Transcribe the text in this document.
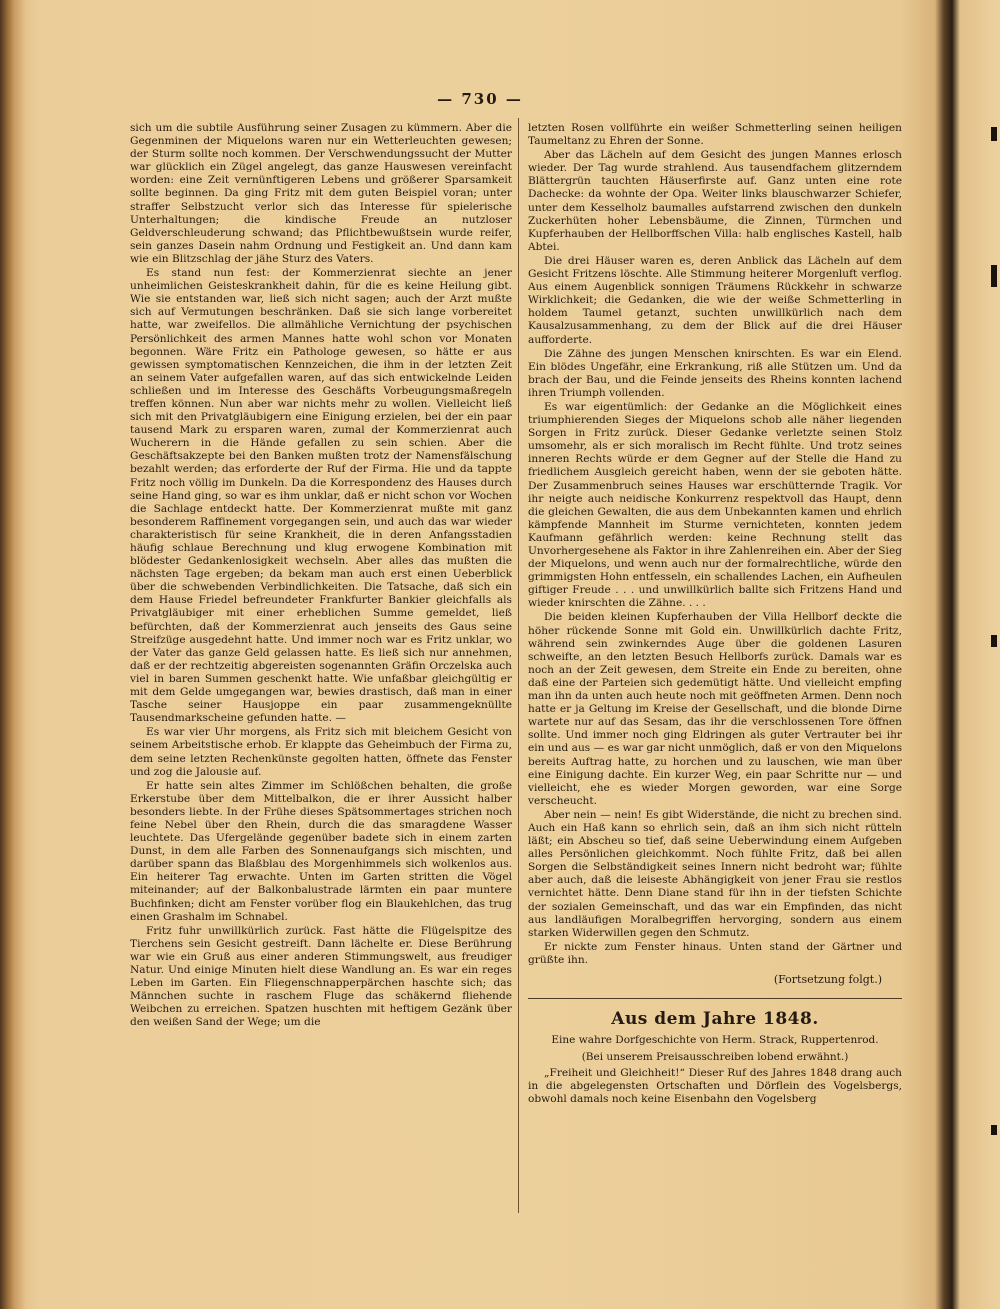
— 730 —

sich um die subtile Ausführung seiner Zusagen zu kümmern. Aber die Gegenminen der Miquelons waren nur ein Wetterleuchten gewesen; der Sturm sollte noch kommen. Der Verschwendungssucht der Mutter war glücklich ein Zügel angelegt, das ganze Hauswesen vereinfacht worden: eine Zeit vernünftigeren Lebens und größerer Sparsamkeit sollte beginnen. Da ging Fritz mit dem guten Beispiel voran; unter straffer Selbstzucht verlor sich das Interesse für spielerische Unterhaltungen; die kindische Freude an nutzloser Geldverschleuderung schwand; das Pflichtbewußtsein wurde reifer, sein ganzes Dasein nahm Ordnung und Festigkeit an. Und dann kam wie ein Blitzschlag der jähe Sturz des Vaters.

Es stand nun fest: der Kommerzienrat siechte an jener unheimlichen Geisteskrankheit dahin, für die es keine Heilung gibt. Wie sie entstanden war, ließ sich nicht sagen; auch der Arzt mußte sich auf Vermutungen beschränken. Daß sie sich lange vorbereitet hatte, war zweifellos. Die allmähliche Vernichtung der psychischen Persönlichkeit des armen Mannes hatte wohl schon vor Monaten begonnen. Wäre Fritz ein Pathologe gewesen, so hätte er aus gewissen symptomatischen Kennzeichen, die ihm in der letzten Zeit an seinem Vater aufgefallen waren, auf das sich entwickelnde Leiden schließen und im Interesse des Geschäfts Vorbeugungsmaßregeln treffen können. Nun aber war nichts mehr zu wollen. Vielleicht ließ sich mit den Privatgläubigern eine Einigung erzielen, bei der ein paar tausend Mark zu ersparen waren, zumal der Kommerzienrat auch Wucherern in die Hände gefallen zu sein schien. Aber die Geschäftsakzepte bei den Banken mußten trotz der Namensfälschung bezahlt werden; das erforderte der Ruf der Firma. Hie und da tappte Fritz noch völlig im Dunkeln. Da die Korrespondenz des Hauses durch seine Hand ging, so war es ihm unklar, daß er nicht schon vor Wochen die Sachlage entdeckt hatte. Der Kommerzienrat mußte mit ganz besonderem Raffinement vorgegangen sein, und auch das war wieder charakteristisch für seine Krankheit, die in deren Anfangsstadien häufig schlaue Berechnung und klug erwogene Kombination mit blödester Gedankenlosigkeit wechseln. Aber alles das mußten die nächsten Tage ergeben; da bekam man auch erst einen Ueberblick über die schwebenden Verbindlichkeiten. Die Tatsache, daß sich ein dem Hause Friedel befreundeter Frankfurter Bankier gleichfalls als Privatgläubiger mit einer erheblichen Summe gemeldet, ließ befürchten, daß der Kommerzienrat auch jenseits des Gaus seine Streifzüge ausgedehnt hatte. Und immer noch war es Fritz unklar, wo der Vater das ganze Geld gelassen hatte. Es ließ sich nur annehmen, daß er der rechtzeitig abgereisten sogenannten Gräfin Orczelska auch viel in baren Summen geschenkt hatte. Wie unfaßbar gleichgültig er mit dem Gelde umgegangen war, bewies drastisch, daß man in einer Tasche seiner Hausjoppe ein paar zusammengeknüllte Tausendmarkscheine gefunden hatte. —

Es war vier Uhr morgens, als Fritz sich mit bleichem Gesicht von seinem Arbeitstische erhob. Er klappte das Geheimbuch der Firma zu, dem seine letzten Rechenkünste gegolten hatten, öffnete das Fenster und zog die Jalousie auf.

Er hatte sein altes Zimmer im Schlößchen behalten, die große Erkerstube über dem Mittelbalkon, die er ihrer Aussicht halber besonders liebte. In der Frühe dieses Spätsommertages strichen noch feine Nebel über den Rhein, durch die das smaragdene Wasser leuchtete. Das Ufergelände gegenüber badete sich in einem zarten Dunst, in dem alle Farben des Sonnenaufgangs sich mischten, und darüber spann das Blaßblau des Morgenhimmels sich wolkenlos aus. Ein heiterer Tag erwachte. Unten im Garten stritten die Vögel miteinander; auf der Balkonbalustrade lärmten ein paar muntere Buchfinken; dicht am Fenster vorüber flog ein Blaukehlchen, das trug einen Grashalm im Schnabel.

Fritz fuhr unwillkürlich zurück. Fast hätte die Flügelspitze des Tierchens sein Gesicht gestreift. Dann lächelte er. Diese Berührung war wie ein Gruß aus einer anderen Stimmungswelt, aus freudiger Natur. Und einige Minuten hielt diese Wandlung an. Es war ein reges Leben im Garten. Ein Fliegenschnapperpärchen haschte sich; das Männchen suchte in raschem Fluge das schäkernd fliehende Weibchen zu erreichen. Spatzen huschten mit heftigem Gezänk über den weißen Sand der Wege; um die

letzten Rosen vollführte ein weißer Schmetterling seinen heiligen Taumeltanz zu Ehren der Sonne.

Aber das Lächeln auf dem Gesicht des jungen Mannes erlosch wieder. Der Tag wurde strahlend. Aus tausendfachem glitzerndem Blättergrün tauchten Häuserfirste auf. Ganz unten eine rote Dachecke: da wohnte der Opa. Weiter links blauschwarzer Schiefer, unter dem Kesselholz baumalles aufstarrend zwischen den dunkeln Zuckerhüten hoher Lebensbäume, die Zinnen, Türmchen und Kupferhauben der Hellborffschen Villa: halb englisches Kastell, halb Abtei.

Die drei Häuser waren es, deren Anblick das Lächeln auf dem Gesicht Fritzens löschte. Alle Stimmung heiterer Morgenluft verflog. Aus einem Augenblick sonnigen Träumens Rückkehr in schwarze Wirklichkeit; die Gedanken, die wie der weiße Schmetterling in holdem Taumel getanzt, suchten unwillkürlich nach dem Kausalzusammenhang, zu dem der Blick auf die drei Häuser aufforderte.

Die Zähne des jungen Menschen knirschten. Es war ein Elend. Ein blödes Ungefähr, eine Erkrankung, riß alle Stützen um. Und da brach der Bau, und die Feinde jenseits des Rheins konnten lachend ihren Triumph vollenden.

Es war eigentümlich: der Gedanke an die Möglichkeit eines triumphierenden Sieges der Miquelons schob alle näher liegenden Sorgen in Fritz zurück. Dieser Gedanke verletzte seinen Stolz umsomehr, als er sich moralisch im Recht fühlte. Und trotz seines inneren Rechts würde er dem Gegner auf der Stelle die Hand zu friedlichem Ausgleich gereicht haben, wenn der sie geboten hätte. Der Zusammenbruch seines Hauses war erschütternde Tragik. Vor ihr neigte auch neidische Konkurrenz respektvoll das Haupt, denn die gleichen Gewalten, die aus dem Unbekannten kamen und ehrlich kämpfende Mannheit im Sturme vernichteten, konnten jedem Kaufmann gefährlich werden: keine Rechnung stellt das Unvorhergesehene als Faktor in ihre Zahlenreihen ein. Aber der Sieg der Miquelons, und wenn auch nur der formalrechtliche, würde den grimmigsten Hohn entfesseln, ein schallendes Lachen, ein Aufheulen giftiger Freude . . . und unwillkürlich ballte sich Fritzens Hand und wieder knirschten die Zähne. . . .

Die beiden kleinen Kupferhauben der Villa Hellborf deckte die höher rückende Sonne mit Gold ein. Unwillkürlich dachte Fritz, während sein zwinkerndes Auge über die goldenen Lasuren schweifte, an den letzten Besuch Hellborfs zurück. Damals war es noch an der Zeit gewesen, dem Streite ein Ende zu bereiten, ohne daß eine der Parteien sich gedemütigt hätte. Und vielleicht empfing man ihn da unten auch heute noch mit geöffneten Armen. Denn noch hatte er ja Geltung im Kreise der Gesellschaft, und die blonde Dirne wartete nur auf das Sesam, das ihr die verschlossenen Tore öffnen sollte. Und immer noch ging Eldringen als guter Vertrauter bei ihr ein und aus — es war gar nicht unmöglich, daß er von den Miquelons bereits Auftrag hatte, zu horchen und zu lauschen, wie man über eine Einigung dachte. Ein kurzer Weg, ein paar Schritte nur — und vielleicht, ehe es wieder Morgen geworden, war eine Sorge verscheucht.

Aber nein — nein! Es gibt Widerstände, die nicht zu brechen sind. Auch ein Haß kann so ehrlich sein, daß an ihm sich nicht rütteln läßt; ein Abscheu so tief, daß seine Ueberwindung einem Aufgeben alles Persönlichen gleichkommt. Noch fühlte Fritz, daß bei allen Sorgen die Selbständigkeit seines Innern nicht bedroht war; fühlte aber auch, daß die leiseste Abhängigkeit von jener Frau sie restlos vernichtet hätte. Denn Diane stand für ihn in der tiefsten Schichte der sozialen Gemeinschaft, und das war ein Empfinden, das nicht aus landläufigen Moralbegriffen hervorging, sondern aus einem starken Widerwillen gegen den Schmutz.

Er nickte zum Fenster hinaus. Unten stand der Gärtner und grüßte ihn.

(Fortsetzung folgt.)
Aus dem Jahre 1848.
Eine wahre Dorfgeschichte von Herm. Strack, Ruppertenrod.
(Bei unserem Preisausschreiben lobend erwähnt.)

„Freiheit und Gleichheit!“ Dieser Ruf des Jahres 1848 drang auch in die abgelegensten Ortschaften und Dörflein des Vogelsbergs, obwohl damals noch keine Eisenbahn den Vogelsberg
